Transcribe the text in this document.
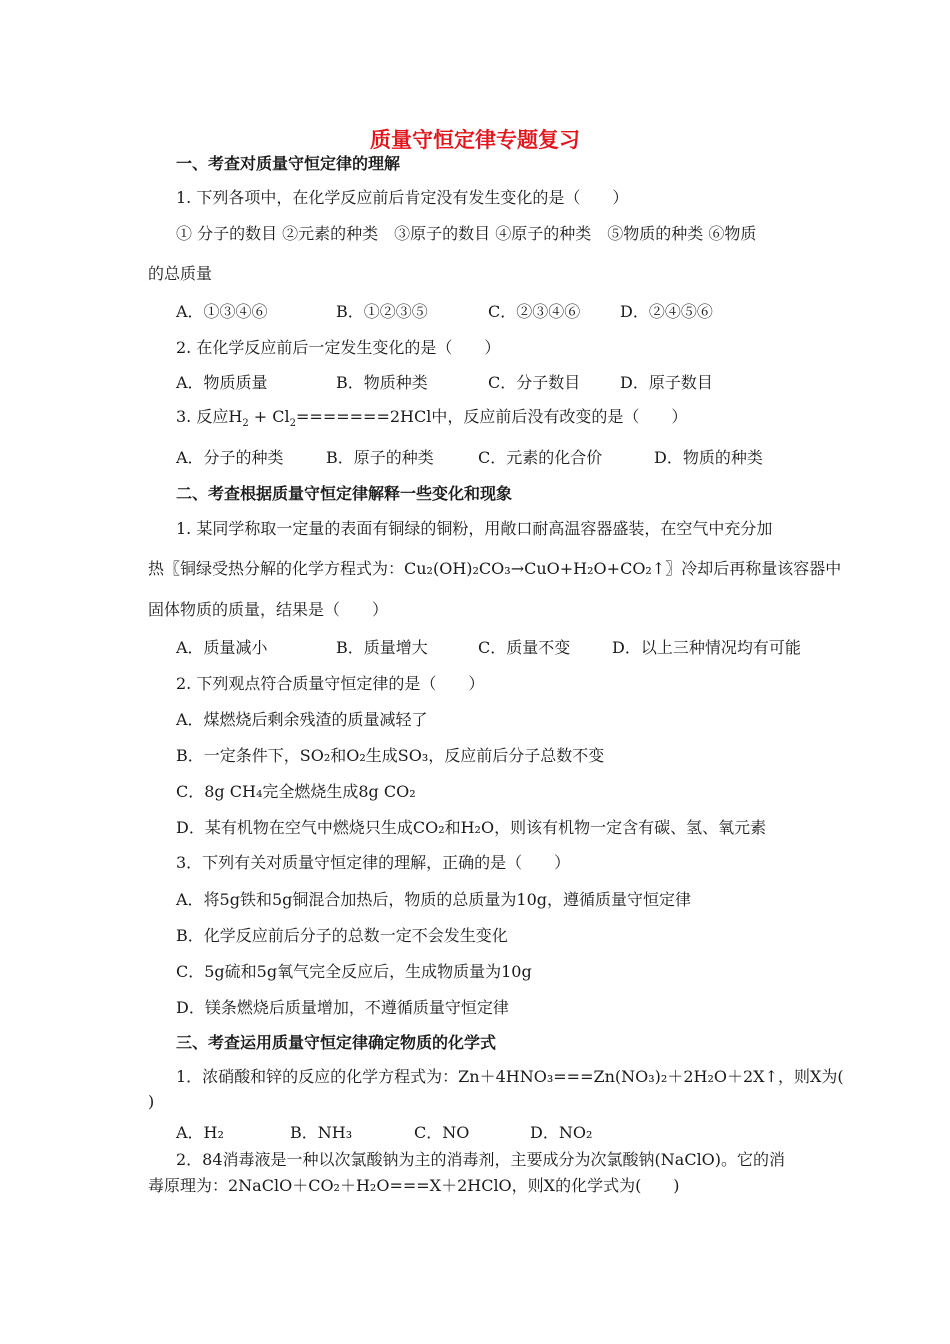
质量守恒定律专题复习
一、考查对质量守恒定律的理解
1. 下列各项中，在化学反应前后肯定没有发生变化的是（　　）
① 分子的数目 ②元素的种类　③原子的数目 ④原子的种类　⑤物质的种类 ⑥物质
的总质量
A．①③④⑥	B．①②③⑤	C．②③④⑥ D．②④⑤⑥
2. 在化学反应前后一定发生变化的是（　　）
A．物质质量	B．物质种类	C．分子数目 D．原子数目
3. 反应$H_2 + Cl_2=======2HCl$中，反应前后没有改变的是（　　）
A．分子的种类	B．原子的种类	C．元素的化合价	D．物质的种类
二、考查根据质量守恒定律解释一些变化和现象
1. 某同学称取一定量的表面有铜绿的铜粉，用敞口耐高温容器盛装，在空气中充分加
热〖铜绿受热分解的化学方程式为：Cu₂(OH)₂CO₃→CuO+H₂O+CO₂↑〗冷却后再称量该容器中
固体物质的质量，结果是（　　）
A．质量减小	B．质量增大	C．质量不变	D．以上三种情况均有可能
2. 下列观点符合质量守恒定律的是（　　）
A．煤燃烧后剩余残渣的质量减轻了
B．一定条件下，SO₂和O₂生成SO₃，反应前后分子总数不变
C．8g CH₄完全燃烧生成8g CO₂
D．某有机物在空气中燃烧只生成CO₂和H₂O，则该有机物一定含有碳、氢、氧元素
3．下列有关对质量守恒定律的理解，正确的是（　　）
A．将5g铁和5g铜混合加热后，物质的总质量为10g，遵循质量守恒定律
B．化学反应前后分子的总数一定不会发生变化
C．5g硫和5g氧气完全反应后，生成物质量为10g
D．镁条燃烧后质量增加，不遵循质量守恒定律
三、考查运用质量守恒定律确定物质的化学式
1．浓硝酸和锌的反应的化学方程式为：Zn＋4HNO₃===Zn(NO₃)₂＋2H₂O＋2X↑，则X为(
)
A．H₂	B．NH₃	C．NO	D．NO₂
2．84消毒液是一种以次氯酸钠为主的消毒剂，主要成分为次氯酸钠(NaClO)。它的消
毒原理为：2NaClO＋CO₂＋H₂O===X＋2HClO，则X的化学式为(　　)
